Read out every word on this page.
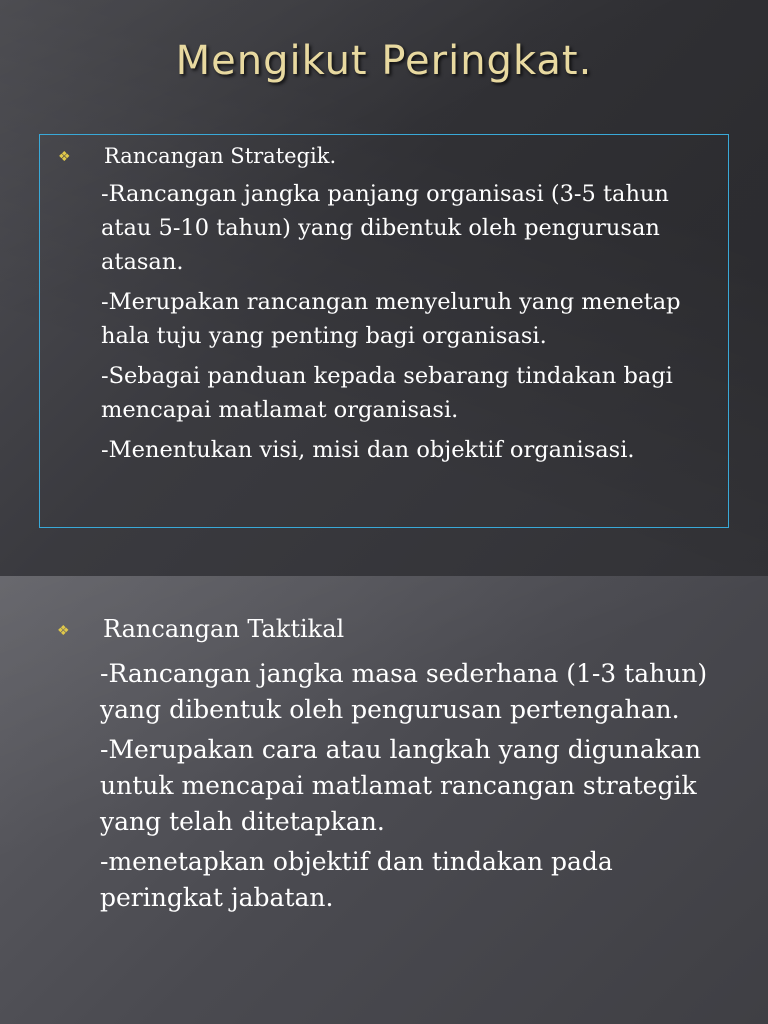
Mengikut Peringkat.
❖ Rancangan Strategik.

-Rancangan jangka panjang organisasi (3-5 tahun atau 5-10 tahun) yang dibentuk oleh pengurusan atasan.

-Merupakan rancangan menyeluruh yang menetap hala tuju yang penting bagi organisasi.

-Sebagai panduan kepada sebarang tindakan bagi mencapai matlamat organisasi.

-Menentukan visi, misi dan objektif organisasi.

❖ Rancangan Taktikal

-Rancangan jangka masa sederhana (1-3 tahun) yang dibentuk oleh pengurusan pertengahan.

-Merupakan cara atau langkah yang digunakan untuk mencapai matlamat rancangan strategik yang telah ditetapkan.

-menetapkan objektif dan tindakan pada peringkat jabatan.
